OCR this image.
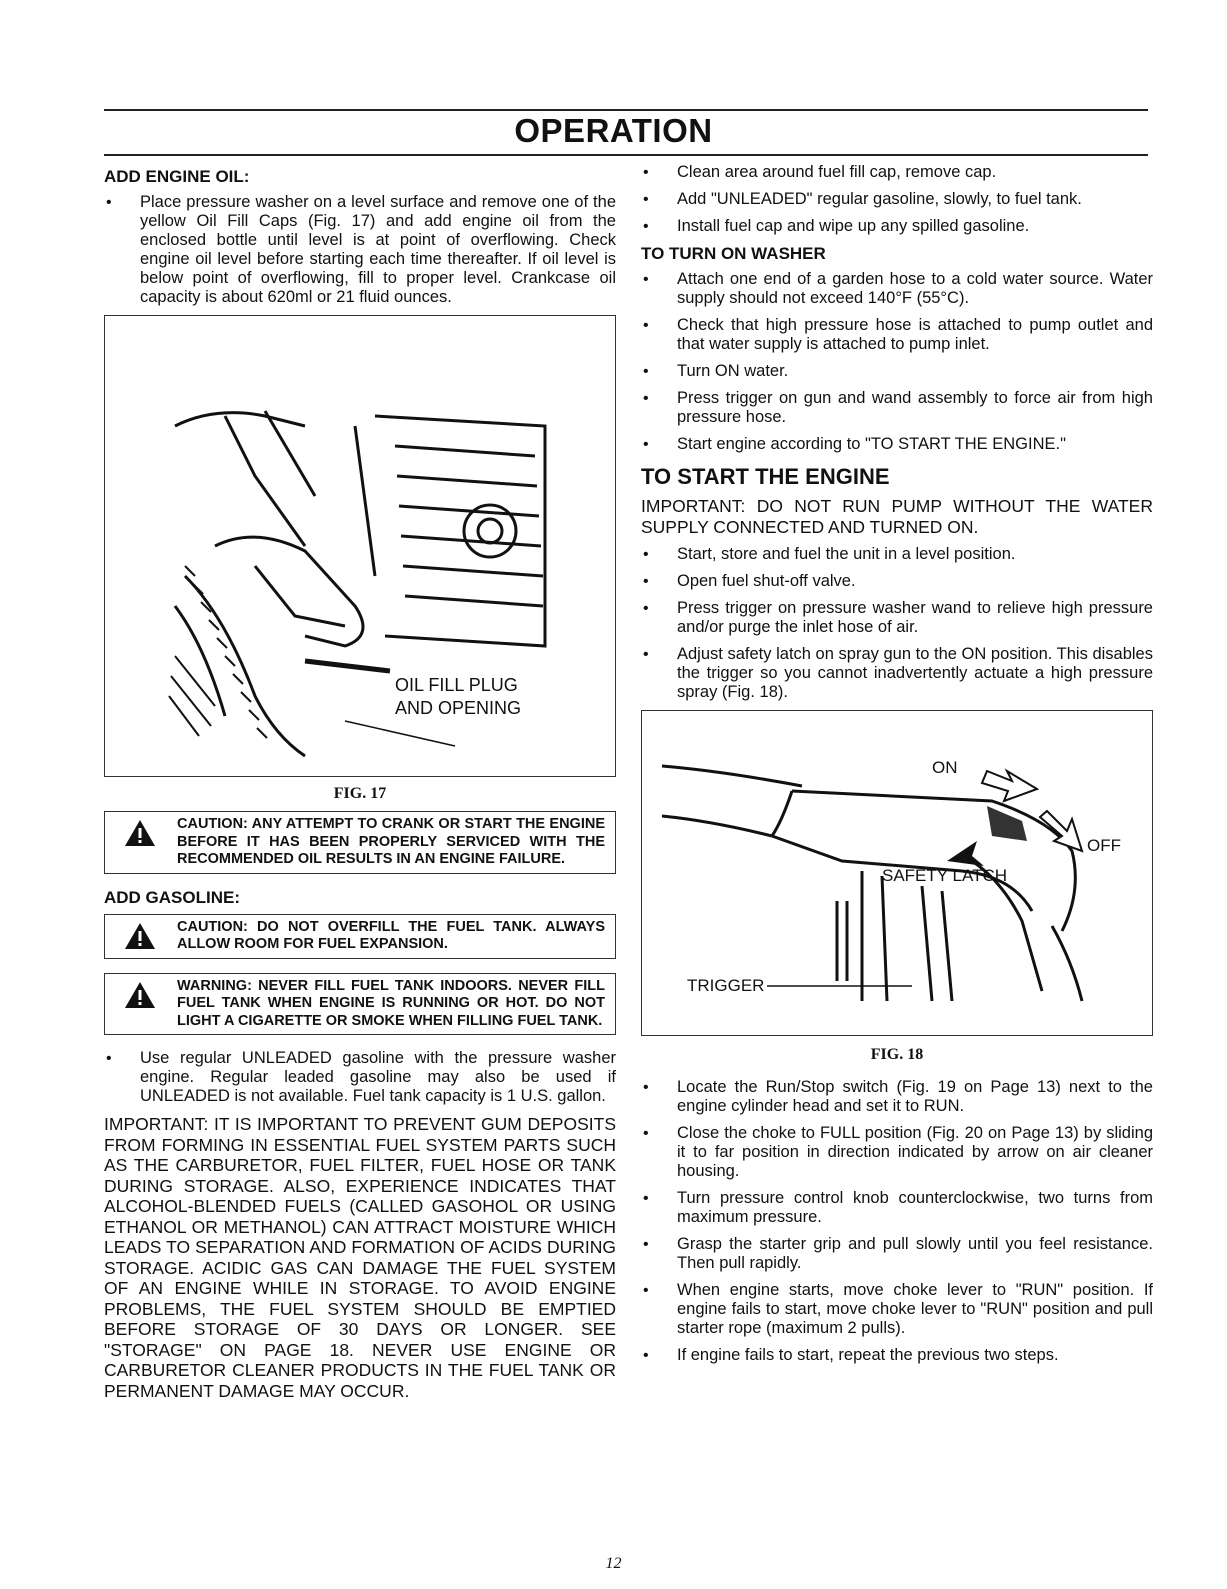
OPERATION
ADD ENGINE OIL:
• Place pressure washer on a level surface and remove one of the yellow Oil Fill Caps (Fig. 17) and add engine oil from the enclosed bottle until level is at point of overflowing. Check engine oil level before starting each time thereafter. If oil level is below point of overflowing, fill to proper level. Crankcase oil capacity is about 620ml or 21 fluid ounces.
OIL FILL PLUG
AND OPENING
FIG. 17
CAUTION: ANY ATTEMPT TO CRANK OR START THE ENGINE BEFORE IT HAS BEEN PROPERLY SERVICED WITH THE RECOMMENDED OIL RESULTS IN AN ENGINE FAILURE.
ADD GASOLINE:
CAUTION: DO NOT OVERFILL THE FUEL TANK. ALWAYS ALLOW ROOM FOR FUEL EXPANSION.
WARNING: NEVER FILL FUEL TANK INDOORS. NEVER FILL FUEL TANK WHEN ENGINE IS RUNNING OR HOT. DO NOT LIGHT A CIGARETTE OR SMOKE WHEN FILLING FUEL TANK.
• Use regular UNLEADED gasoline with the pressure washer engine. Regular leaded gasoline may also be used if UNLEADED is not available. Fuel tank capacity is 1 U.S. gallon.

IMPORTANT: IT IS IMPORTANT TO PREVENT GUM DEPOSITS FROM FORMING IN ESSENTIAL FUEL SYSTEM PARTS SUCH AS THE CARBURETOR, FUEL FILTER, FUEL HOSE OR TANK DURING STORAGE. ALSO, EXPERIENCE INDICATES THAT ALCOHOL-BLENDED FUELS (CALLED GASOHOL OR USING ETHANOL OR METHANOL) CAN ATTRACT MOISTURE WHICH LEADS TO SEPARATION AND FORMATION OF ACIDS DURING STORAGE. ACIDIC GAS CAN DAMAGE THE FUEL SYSTEM OF AN ENGINE WHILE IN STORAGE. TO AVOID ENGINE PROBLEMS, THE FUEL SYSTEM SHOULD BE EMPTIED BEFORE STORAGE OF 30 DAYS OR LONGER. SEE "STORAGE" ON PAGE 18. NEVER USE ENGINE OR CARBURETOR CLEANER PRODUCTS IN THE FUEL TANK OR PERMANENT DAMAGE MAY OCCUR.

• Clean area around fuel fill cap, remove cap.
• Add "UNLEADED" regular gasoline, slowly, to fuel tank.
• Install fuel cap and wipe up any spilled gasoline.
TO TURN ON WASHER
• Attach one end of a garden hose to a cold water source. Water supply should not exceed 140°F (55°C).
• Check that high pressure hose is attached to pump outlet and that water supply is attached to pump inlet.
• Turn ON water.
• Press trigger on gun and wand assembly to force air from high pressure hose.
• Start engine according to "TO START THE ENGINE."
TO START THE ENGINE

IMPORTANT: DO NOT RUN PUMP WITHOUT THE WATER SUPPLY CONNECTED AND TURNED ON.

• Start, store and fuel the unit in a level position.
• Open fuel shut-off valve.
• Press trigger on pressure washer wand to relieve high pressure and/or purge the inlet hose of air.
• Adjust safety latch on spray gun to the ON position. This disables the trigger so you cannot inadvertently actuate a high pressure spray (Fig. 18).
ON
OFF
SAFETY LATCH
TRIGGER
FIG. 18
• Locate the Run/Stop switch (Fig. 19 on Page 13) next to the engine cylinder head and set it to RUN.
• Close the choke to FULL position (Fig. 20 on Page 13) by sliding it to far position in direction indicated by arrow on air cleaner housing.
• Turn pressure control knob counterclockwise, two turns from maximum pressure.
• Grasp the starter grip and pull slowly until you feel resistance. Then pull rapidly.
• When engine starts, move choke lever to "RUN" position. If engine fails to start, move choke lever to "RUN" position and pull starter rope (maximum 2 pulls).
• If engine fails to start, repeat the previous two steps.
12
